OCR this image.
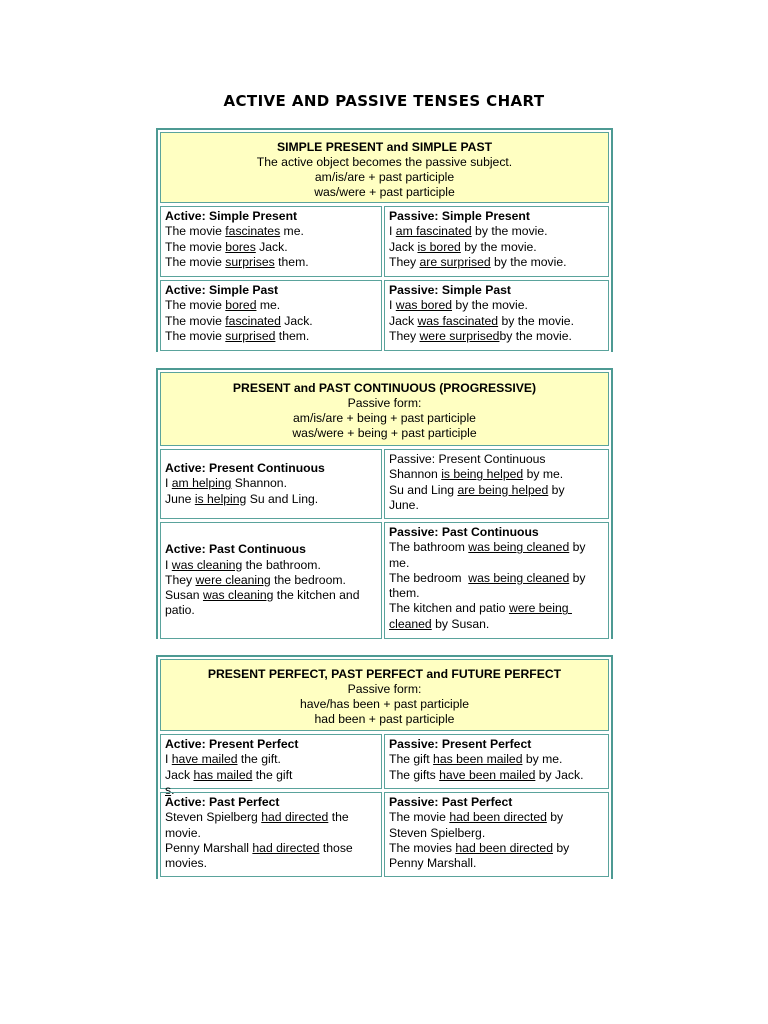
ACTIVE AND PASSIVE TENSES CHART
SIMPLE PRESENT and SIMPLE PAST
The active object becomes the passive subject.
am/is/are + past participle
was/were + past participle
Active: Simple Present
The movie fascinates me.
The movie bores Jack.
The movie surprises them.
Passive: Simple Present
I am fascinated by the movie.
Jack is bored by the movie.
They are surprised by the movie.
Active: Simple Past
The movie bored me.
The movie fascinated Jack.
The movie surprised them.
Passive: Simple Past
I was bored by the movie.
Jack was fascinated by the movie.
They were surprisedby the movie.
PRESENT and PAST CONTINUOUS (PROGRESSIVE)
Passive form:
am/is/are + being + past participle
was/were + being + past participle
Active: Present Continuous
I am helping Shannon.
June is helping Su and Ling.
Passive: Present Continuous
Shannon is being helped by me.
Su and Ling are being helped by
June.
Active: Past Continuous
I was cleaning the bathroom.
They were cleaning the bedroom.
Susan was cleaning the kitchen and
patio.
Passive: Past Continuous
The bathroom was being cleaned by
me.
The bedroom  was being cleaned by
them.
The kitchen and patio were being
cleaned by Susan.
PRESENT PERFECT, PAST PERFECT and FUTURE PERFECT
Passive form:
have/has been + past participle
had been + past participle
Active: Present Perfect
I have mailed the gift.
Jack has mailed the gift
s.
Passive: Present Perfect
The gift has been mailed by me.
The gifts have been mailed by Jack.
Active: Past Perfect
Steven Spielberg had directed the
movie.
Penny Marshall had directed those
movies.
Passive: Past Perfect
The movie had been directed by
Steven Spielberg.
The movies had been directed by
Penny Marshall.
